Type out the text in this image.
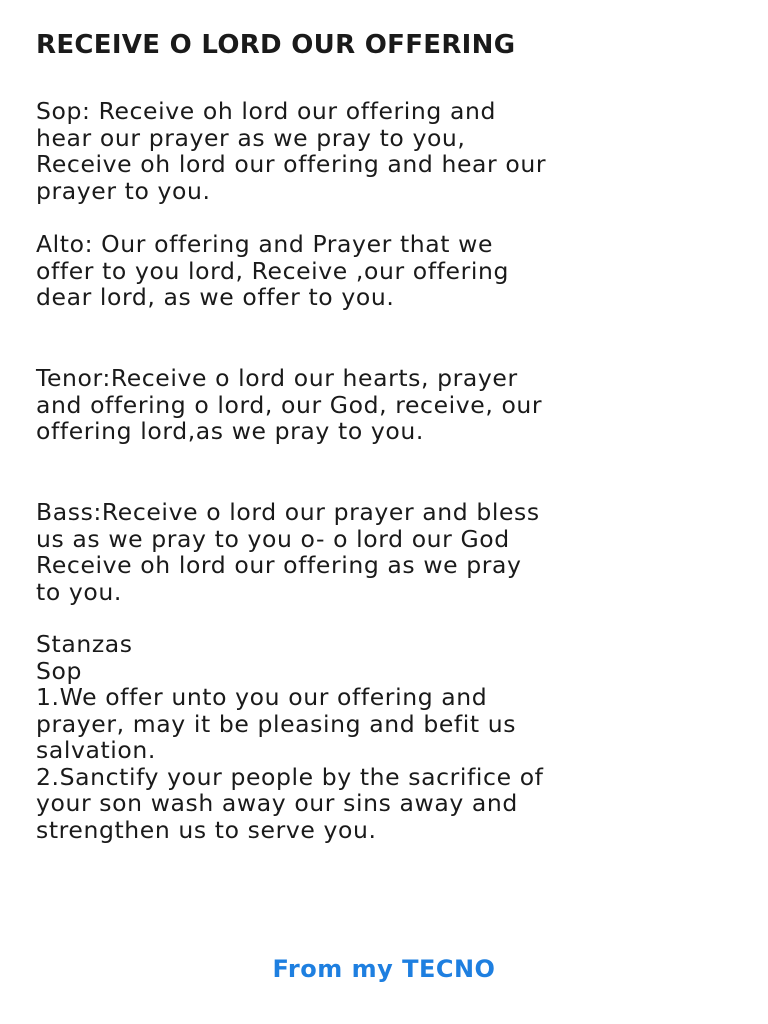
RECEIVE O LORD OUR OFFERING
Sop: Receive oh lord our offering and
hear our prayer as we pray to you,
Receive oh lord our offering and hear our
prayer to you.
Alto: Our offering and Prayer that we
offer to you lord, Receive ,our offering
dear lord, as we offer to you.
Tenor:Receive o lord our hearts, prayer
and offering o lord, our God, receive, our
offering lord,as we pray to you.
Bass:Receive o lord our prayer and bless
us as we pray to you o- o lord our God
Receive oh lord our offering as we pray
to you.
Stanzas
Sop
1.We offer unto you our offering and
prayer, may it be pleasing and befit us
salvation.
2.Sanctify your people by the sacrifice of
your son wash away our sins away and
strengthen us to serve you.
From my TECNO
